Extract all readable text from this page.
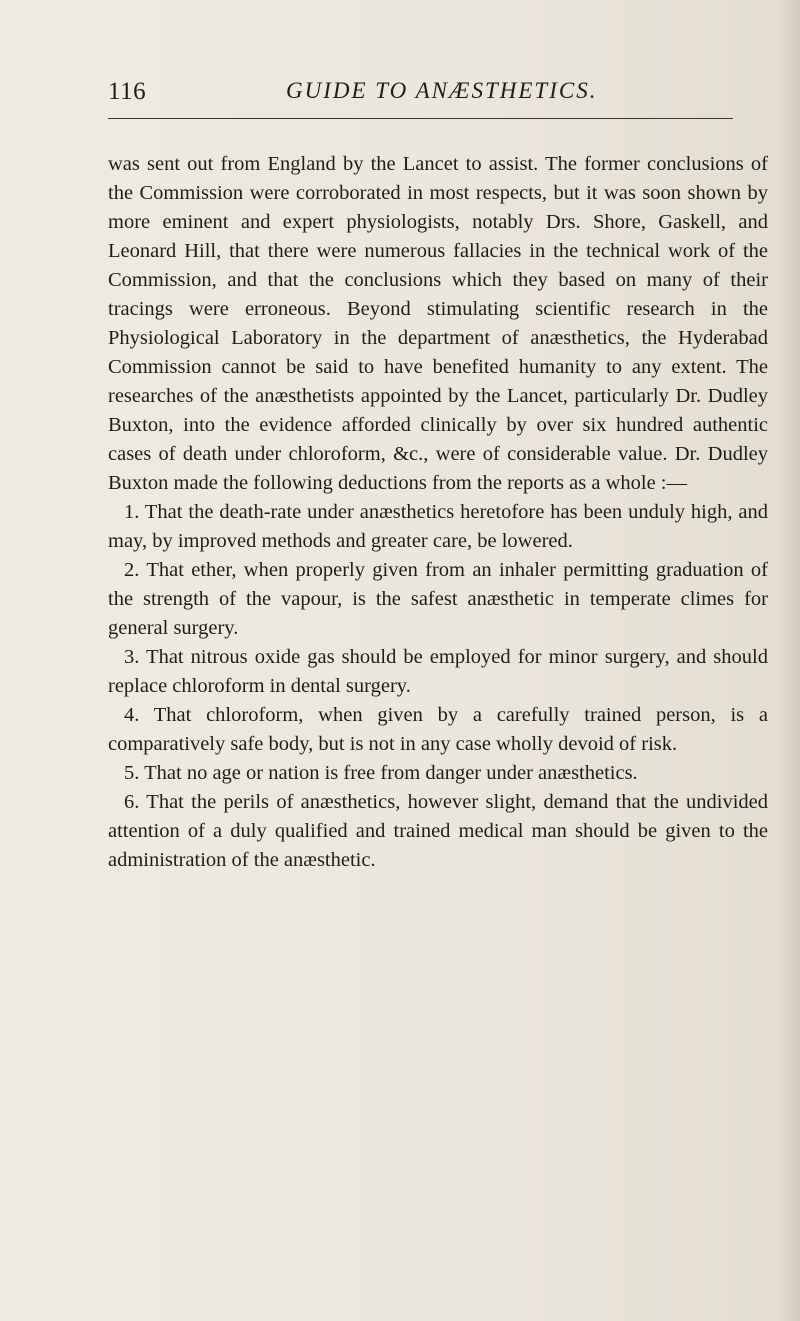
116	GUIDE TO ANÆSTHETICS.

was sent out from England by the Lancet to assist. The former conclusions of the Commission were corroborated in most respects, but it was soon shown by more eminent and expert physiologists, notably Drs. Shore, Gaskell, and Leonard Hill, that there were numerous fallacies in the technical work of the Commission, and that the conclusions which they based on many of their tracings were erroneous. Beyond stimulating scientific research in the Physiological Laboratory in the department of anæsthetics, the Hyderabad Commission cannot be said to have benefited humanity to any extent. The researches of the anæsthetists appointed by the Lancet, particularly Dr. Dudley Buxton, into the evidence afforded clinically by over six hundred authentic cases of death under chloroform, &c., were of considerable value. Dr. Dudley Buxton made the following deductions from the reports as a whole :—

1. That the death-rate under anæsthetics heretofore has been unduly high, and may, by improved methods and greater care, be lowered.

2. That ether, when properly given from an inhaler permitting graduation of the strength of the vapour, is the safest anæsthetic in temperate climes for general surgery.

3. That nitrous oxide gas should be employed for minor surgery, and should replace chloroform in dental surgery.

4. That chloroform, when given by a carefully trained person, is a comparatively safe body, but is not in any case wholly devoid of risk.

5. That no age or nation is free from danger under anæsthetics.

6. That the perils of anæsthetics, however slight, demand that the undivided attention of a duly qualified and trained medical man should be given to the administration of the anæsthetic.
